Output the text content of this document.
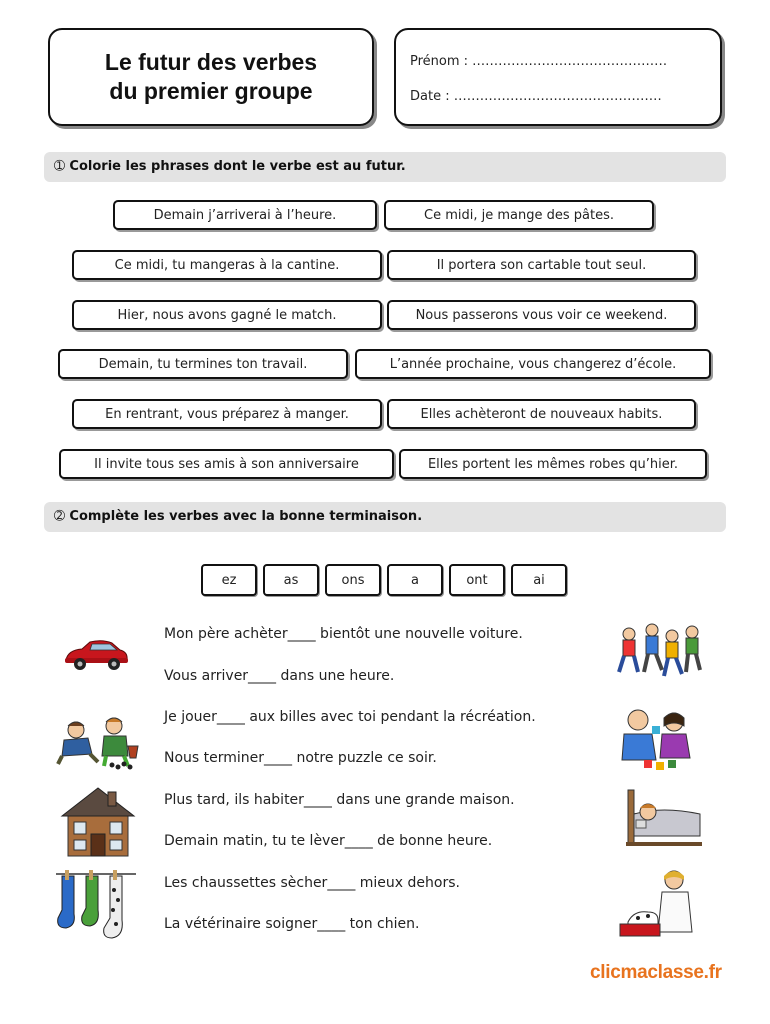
Le futur des verbes
du premier groupe
Prénom : ………………………………………
Date : …………………………………………
➀ Colorie les phrases dont le verbe est au futur.
Demain j’arriverai à l’heure.	Ce midi, je mange des pâtes.
Ce midi, tu mangeras à la cantine.	Il portera son cartable tout seul.
Hier, nous avons gagné le match.	Nous passerons vous voir ce weekend.
Demain, tu termines ton travail.	L’année prochaine, vous changerez d’école.
En rentrant, vous préparez à manger.	Elles achèteront de nouveaux habits.
Il invite tous ses amis à son anniversaire	Elles portent les mêmes robes qu’hier.
➁ Complète les verbes avec la bonne terminaison.
ez	as	ons	a	ont	ai
Mon père achèter____ bientôt une nouvelle voiture.
Vous arriver____ dans une heure.
Je jouer____ aux billes avec toi pendant la récréation.
Nous terminer____ notre puzzle ce soir.
Plus tard, ils habiter____ dans une grande maison.
Demain matin, tu te lèver____ de bonne heure.
Les chaussettes sècher____ mieux dehors.
La vétérinaire soigner____ ton chien.
clicmaclasse.fr
